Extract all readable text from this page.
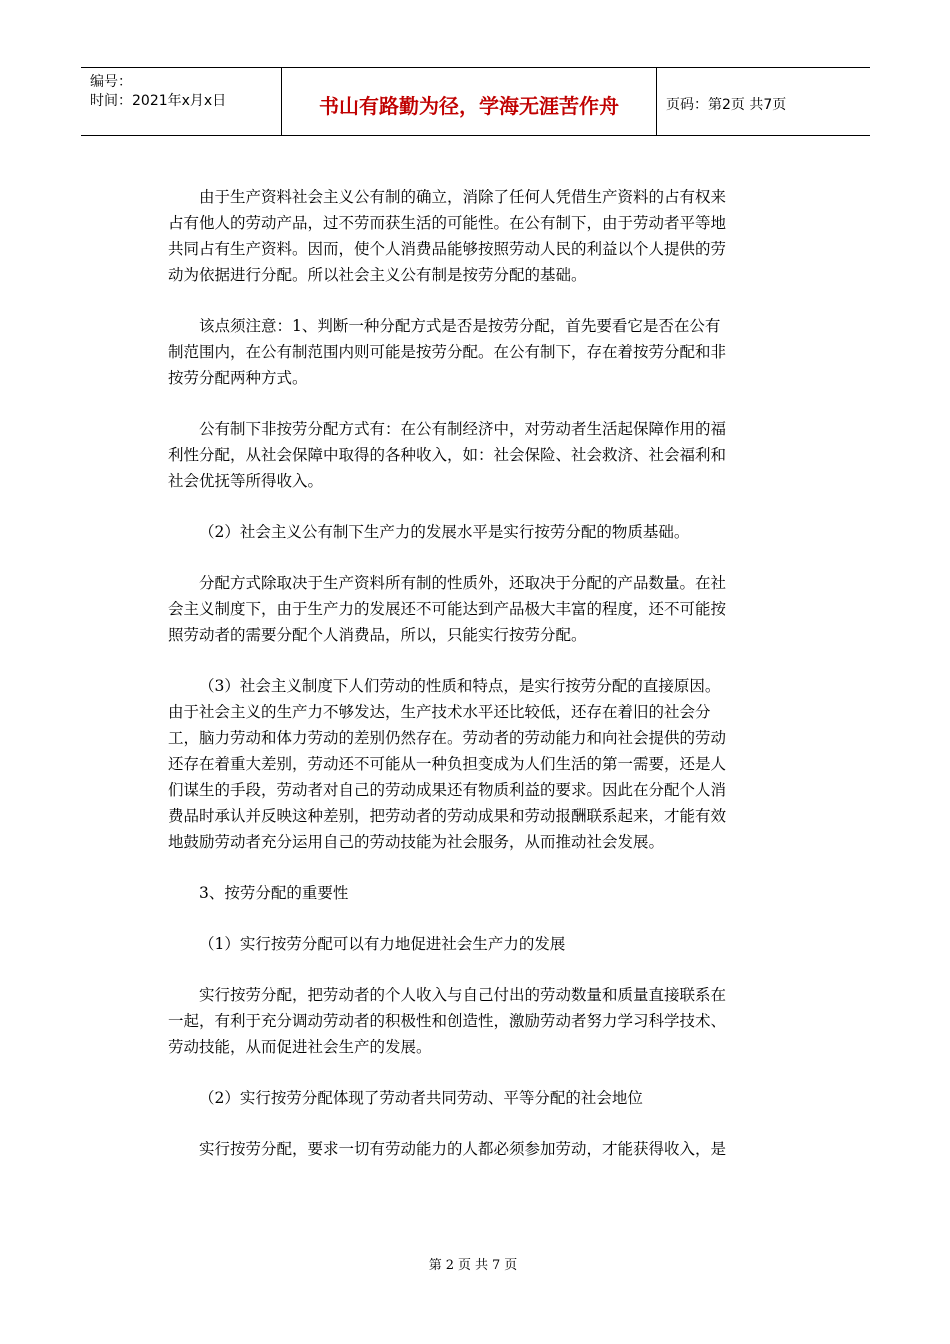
编号：
时间：2021年x月x日	书山有路勤为径，学海无涯苦作舟	页码：第2页 共7页

由于生产资料社会主义公有制的确立，消除了任何人凭借生产资料的占有权来
占有他人的劳动产品，过不劳而获生活的可能性。在公有制下，由于劳动者平等地
共同占有生产资料。因而，使个人消费品能够按照劳动人民的利益以个人提供的劳
动为依据进行分配。所以社会主义公有制是按劳分配的基础。

该点须注意：1、判断一种分配方式是否是按劳分配，首先要看它是否在公有
制范围内，在公有制范围内则可能是按劳分配。在公有制下，存在着按劳分配和非
按劳分配两种方式。

公有制下非按劳分配方式有：在公有制经济中，对劳动者生活起保障作用的福
利性分配，从社会保障中取得的各种收入，如：社会保险、社会救济、社会福利和
社会优抚等所得收入。

（2）社会主义公有制下生产力的发展水平是实行按劳分配的物质基础。

分配方式除取决于生产资料所有制的性质外，还取决于分配的产品数量。在社
会主义制度下，由于生产力的发展还不可能达到产品极大丰富的程度，还不可能按
照劳动者的需要分配个人消费品，所以，只能实行按劳分配。

（3）社会主义制度下人们劳动的性质和特点，是实行按劳分配的直接原因。
由于社会主义的生产力不够发达，生产技术水平还比较低，还存在着旧的社会分
工，脑力劳动和体力劳动的差别仍然存在。劳动者的劳动能力和向社会提供的劳动
还存在着重大差别，劳动还不可能从一种负担变成为人们生活的第一需要，还是人
们谋生的手段，劳动者对自己的劳动成果还有物质利益的要求。因此在分配个人消
费品时承认并反映这种差别，把劳动者的劳动成果和劳动报酬联系起来，才能有效
地鼓励劳动者充分运用自己的劳动技能为社会服务，从而推动社会发展。

3、按劳分配的重要性

（1）实行按劳分配可以有力地促进社会生产力的发展

实行按劳分配，把劳动者的个人收入与自己付出的劳动数量和质量直接联系在
一起，有利于充分调动劳动者的积极性和创造性，激励劳动者努力学习科学技术、
劳动技能，从而促进社会生产的发展。

（2）实行按劳分配体现了劳动者共同劳动、平等分配的社会地位

实行按劳分配，要求一切有劳动能力的人都必须参加劳动，才能获得收入，是

第2页共7页
